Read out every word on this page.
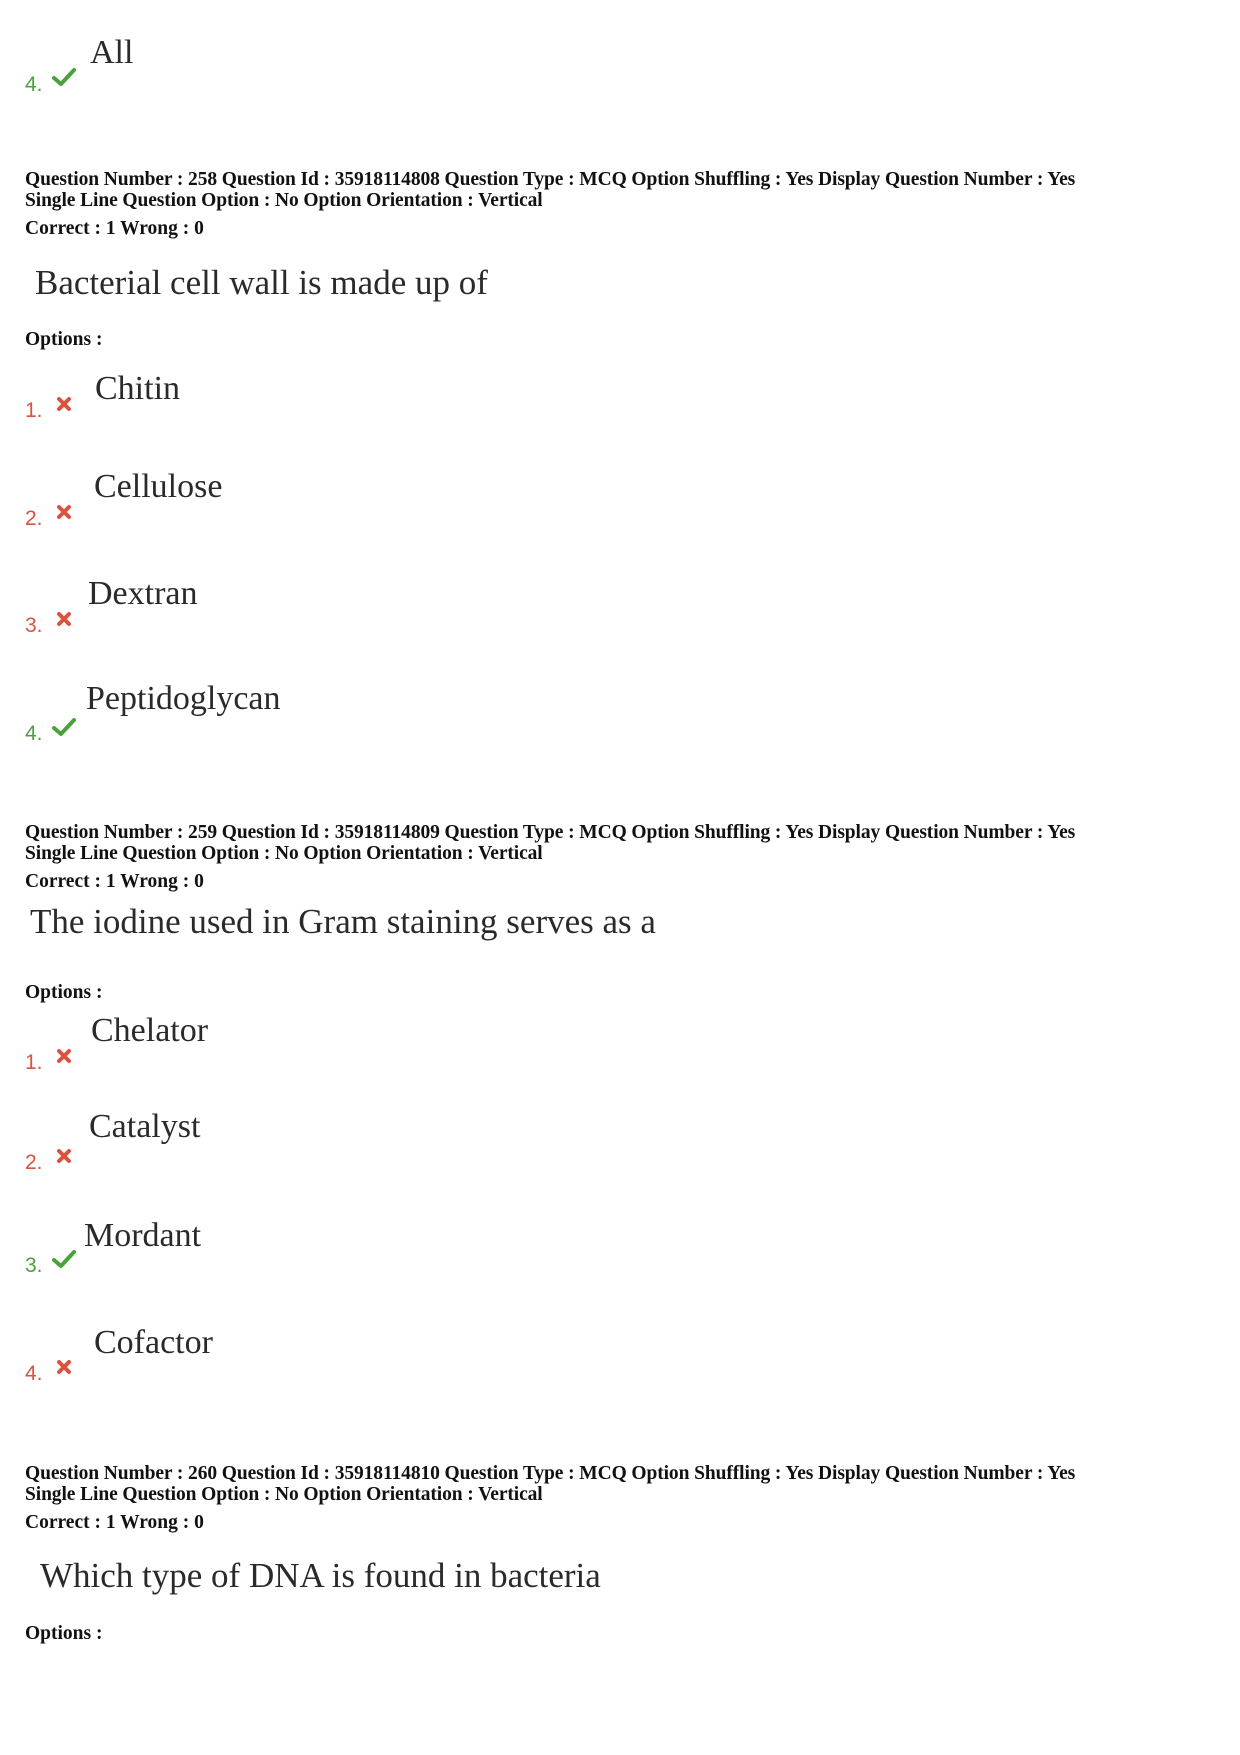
4.
All
Question Number : 258 Question Id : 35918114808 Question Type : MCQ Option Shuffling : Yes Display Question Number : Yes
Single Line Question Option : No Option Orientation : Vertical
Correct : 1 Wrong : 0
Bacterial cell wall is made up of
Options :
1.
Chitin
2.
Cellulose
3.
Dextran
4.
Peptidoglycan
Question Number : 259 Question Id : 35918114809 Question Type : MCQ Option Shuffling : Yes Display Question Number : Yes
Single Line Question Option : No Option Orientation : Vertical
Correct : 1 Wrong : 0
The iodine used in Gram staining serves as a
Options :
1.
Chelator
2.
Catalyst
3.
Mordant
4.
Cofactor
Question Number : 260 Question Id : 35918114810 Question Type : MCQ Option Shuffling : Yes Display Question Number : Yes
Single Line Question Option : No Option Orientation : Vertical
Correct : 1 Wrong : 0
Which type of DNA is found in bacteria
Options :
